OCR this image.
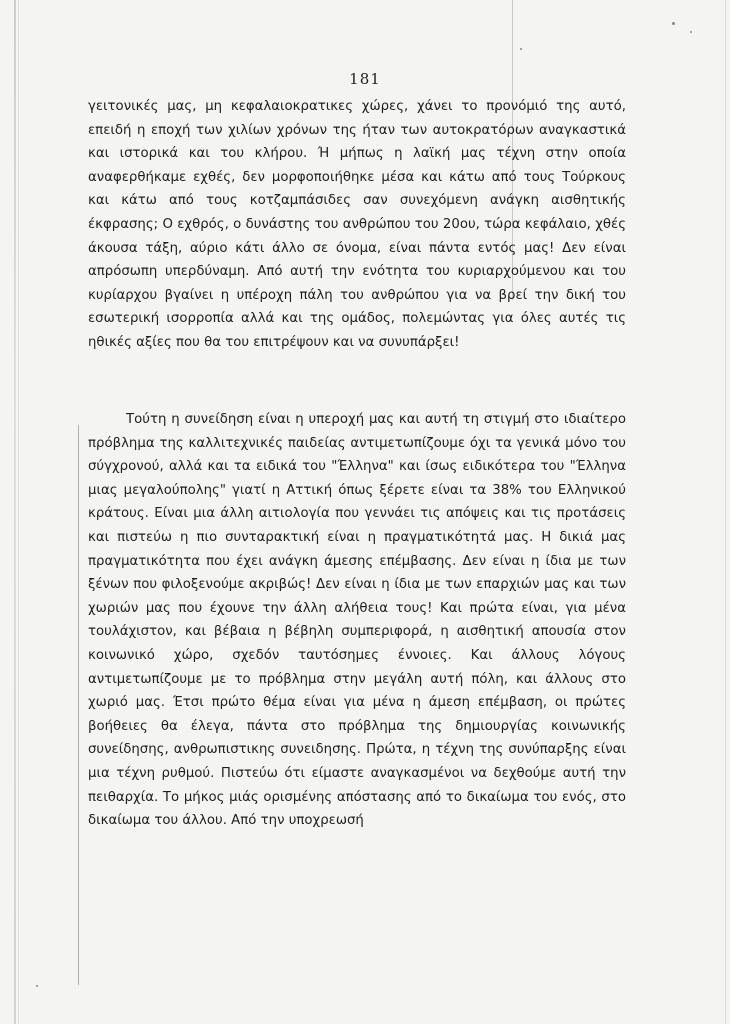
181

γειτονικές μας, μη κεφαλαιοκρατικες χώρες, χάνει το προνόμιό της αυτό, επειδή η εποχή των χιλίων χρόνων της ήταν των αυτοκρατόρων αναγκαστικά και ιστορικά και του κλήρου. Ή μήπως η λαϊκή μας τέχνη στην οποία αναφερθήκαμε εχθές, δεν μορφοποιήθηκε μέσα και κάτω από τους Τούρκους και κάτω από τους κοτζαμπάσιδες σαν συνεχόμενη ανάγκη αισθητικής έκφρασης; Ο εχθρός, ο δυνάστης του ανθρώπου του 20ου, τώρα κεφάλαιο, χθές άκουσα τάξη, αύριο κάτι άλλο σε όνομα, είναι πάντα εντός μας! Δεν είναι απρόσωπη υπερδύναμη. Από αυτή την ενότητα του κυριαρχούμενου και του κυρίαρχου βγαίνει η υπέροχη πάλη του ανθρώπου για να βρεί την δική του εσωτερική ισορροπία αλλά και της ομάδος, πολεμώντας για όλες αυτές τις ηθικές αξίες που θα του επιτρέψουν και να συνυπάρξει!

Τούτη η συνείδηση είναι η υπεροχή μας και αυτή τη στιγμή στο ιδιαίτερο πρόβλημα της καλλιτεχνικές παιδείας αντιμετωπίζουμε όχι τα γενικά μόνο του σύγχρονού, αλλά και τα ειδικά του "Έλληνα" και ίσως ειδικότερα του "Έλληνα μιας μεγαλούπολης" γιατί η Αττική όπως ξέρετε είναι τα 38% του Ελληνικού κράτους. Είναι μια άλλη αιτιολογία που γεννάει τις απόψεις και τις προτάσεις και πιστεύω η πιο συνταρακτική είναι η πραγματικότητά μας. Η δικιά μας πραγματικότητα που έχει ανάγκη άμεσης επέμβασης. Δεν είναι η ίδια με των ξένων που φιλοξενούμε ακριβώς! Δεν είναι η ίδια με των επαρχιών μας και των χωριών μας που έχουνε την άλλη αλήθεια τους! Και πρώτα είναι, για μένα τουλάχιστον, και βέβαια η βέβηλη συμπεριφορά, η αισθητική απουσία στον κοινωνικό χώρο, σχεδόν ταυτόσημες έννοιες. Και άλλους λόγους αντιμετωπίζουμε με το πρόβλημα στην μεγάλη αυτή πόλη, και άλλους στο χωριό μας. Έτσι πρώτο θέμα είναι για μένα η άμεση επέμβαση, οι πρώτες βοήθειες θα έλεγα, πάντα στο πρόβλημα της δημιουργίας κοινωνικής συνείδησης, ανθρωπιστικης συνειδησης. Πρώτα, η τέχνη της συνύπαρξης είναι μια τέχνη ρυθμού. Πιστεύω ότι είμαστε αναγκασμένοι να δεχθούμε αυτή την πειθαρχία. Το μήκος μιάς ορισμένης απόστασης από το δικαίωμα του ενός, στο δικαίωμα του άλλου. Από την υποχρεωσή
